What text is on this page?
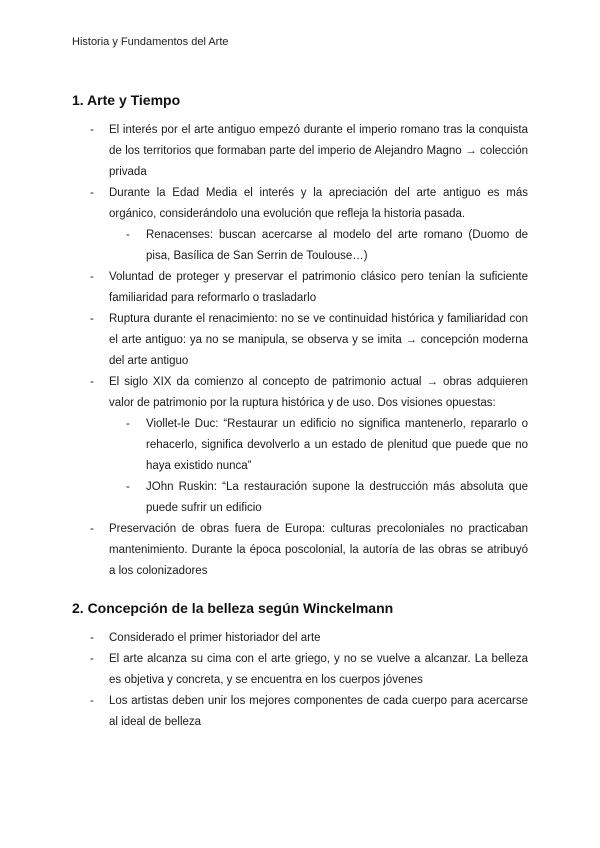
Historia y Fundamentos del Arte
1. Arte y Tiempo
- El interés por el arte antiguo empezó durante el imperio romano tras la conquista de los territorios que formaban parte del imperio de Alejandro Magno → colección privada
- Durante la Edad Media el interés y la apreciación del arte antiguo es más orgánico, considerándolo una evolución que refleja la historia pasada.
- Renacenses: buscan acercarse al modelo del arte romano (Duomo de pisa, Basílica de San Serrin de Toulouse…)
- Voluntad de proteger y preservar el patrimonio clásico pero tenían la suficiente familiaridad para reformarlo o trasladarlo
- Ruptura durante el renacimiento: no se ve continuidad histórica y familiaridad con el arte antiguo: ya no se manipula, se observa y se imita → concepción moderna del arte antiguo
- El siglo XIX da comienzo al concepto de patrimonio actual → obras adquieren valor de patrimonio por la ruptura histórica y de uso. Dos visiones opuestas:
- Viollet-le Duc: “Restaurar un edificio no significa mantenerlo, repararlo o rehacerlo, significa devolverlo a un estado de plenitud que puede que no haya existido nunca”
- JOhn Ruskin: “La restauración supone la destrucción más absoluta que puede sufrir un edificio
- Preservación de obras fuera de Europa: culturas precoloniales no practicaban mantenimiento. Durante la época poscolonial, la autoría de las obras se atribuyó a los colonizadores
2. Concepción de la belleza según Winckelmann
- Considerado el primer historiador del arte
- El arte alcanza su cima con el arte griego, y no se vuelve a alcanzar. La belleza es objetiva y concreta, y se encuentra en los cuerpos jóvenes
- Los artistas deben unir los mejores componentes de cada cuerpo para acercarse al ideal de belleza
